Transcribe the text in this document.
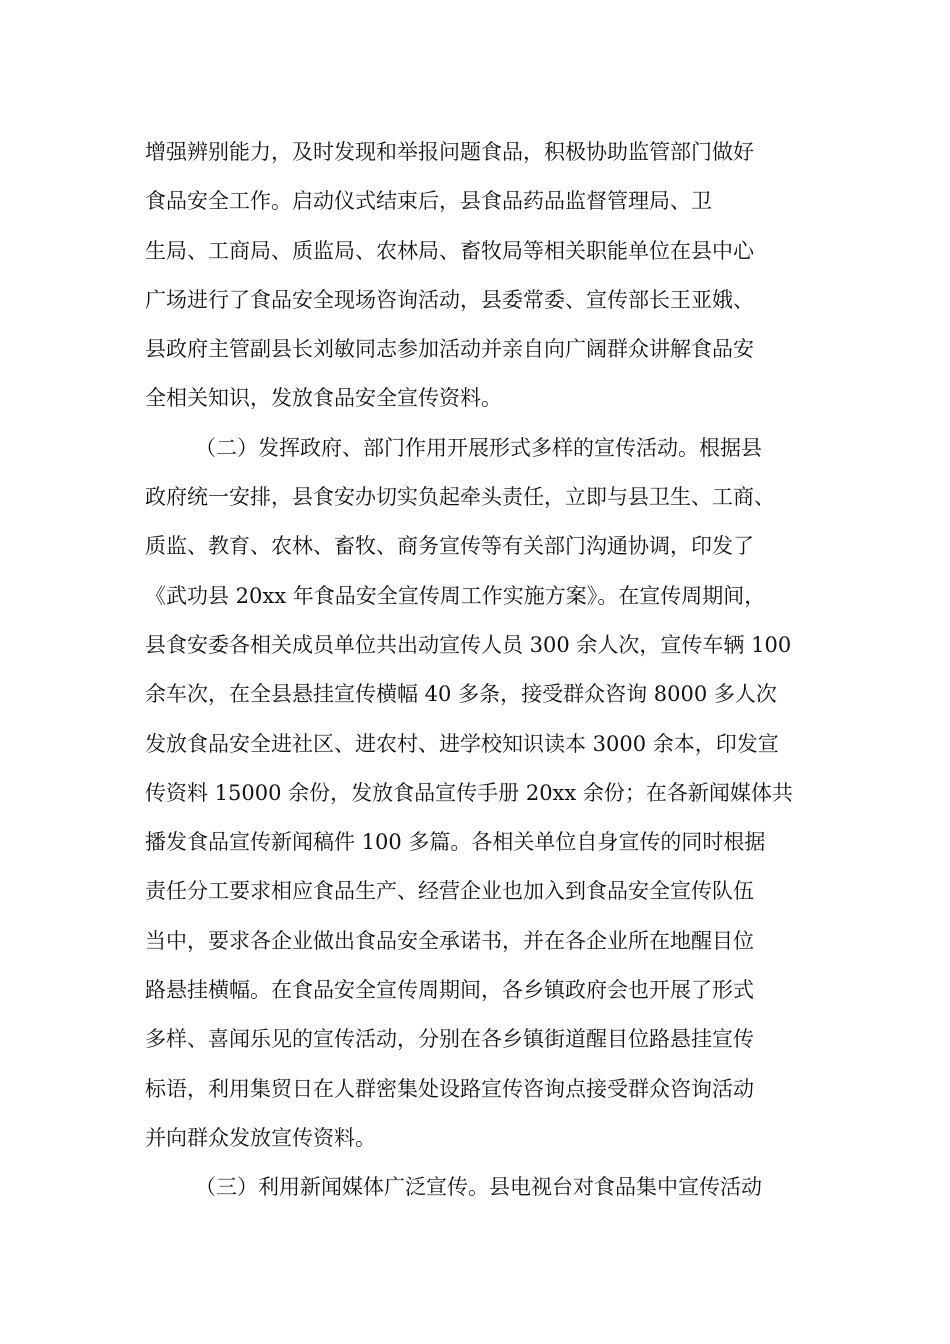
增强辨别能力，及时发现和举报问题食品，积极协助监管部门做好
食品安全工作。启动仪式结束后，县食品药品监督管理局、卫
生局、工商局、质监局、农林局、畜牧局等相关职能单位在县中心
广场进行了食品安全现场咨询活动，县委常委、宣传部长王亚娥、
县政府主管副县长刘敏同志参加活动并亲自向广阔群众讲解食品安
全相关知识，发放食品安全宣传资料。
（二）发挥政府、部门作用开展形式多样的宣传活动。根据县
政府统一安排，县食安办切实负起牵头责任，立即与县卫生、工商、
质监、教育、农林、畜牧、商务宣传等有关部门沟通协调，印发了
《武功县 20xx 年食品安全宣传周工作实施方案》。在宣传周期间，
县食安委各相关成员单位共出动宣传人员 300 余人次，宣传车辆 100
余车次，在全县悬挂宣传横幅 40 多条，接受群众咨询 8000 多人次
发放食品安全进社区、进农村、进学校知识读本 3000 余本，印发宣
传资料 15000 余份，发放食品宣传手册 20xx 余份；在各新闻媒体共
播发食品宣传新闻稿件 100 多篇。各相关单位自身宣传的同时根据
责任分工要求相应食品生产、经营企业也加入到食品安全宣传队伍
当中，要求各企业做出食品安全承诺书，并在各企业所在地醒目位
路悬挂横幅。在食品安全宣传周期间，各乡镇政府会也开展了形式
多样、喜闻乐见的宣传活动，分别在各乡镇街道醒目位路悬挂宣传
标语，利用集贸日在人群密集处设路宣传咨询点接受群众咨询活动
并向群众发放宣传资料。
（三）利用新闻媒体广泛宣传。县电视台对食品集中宣传活动
